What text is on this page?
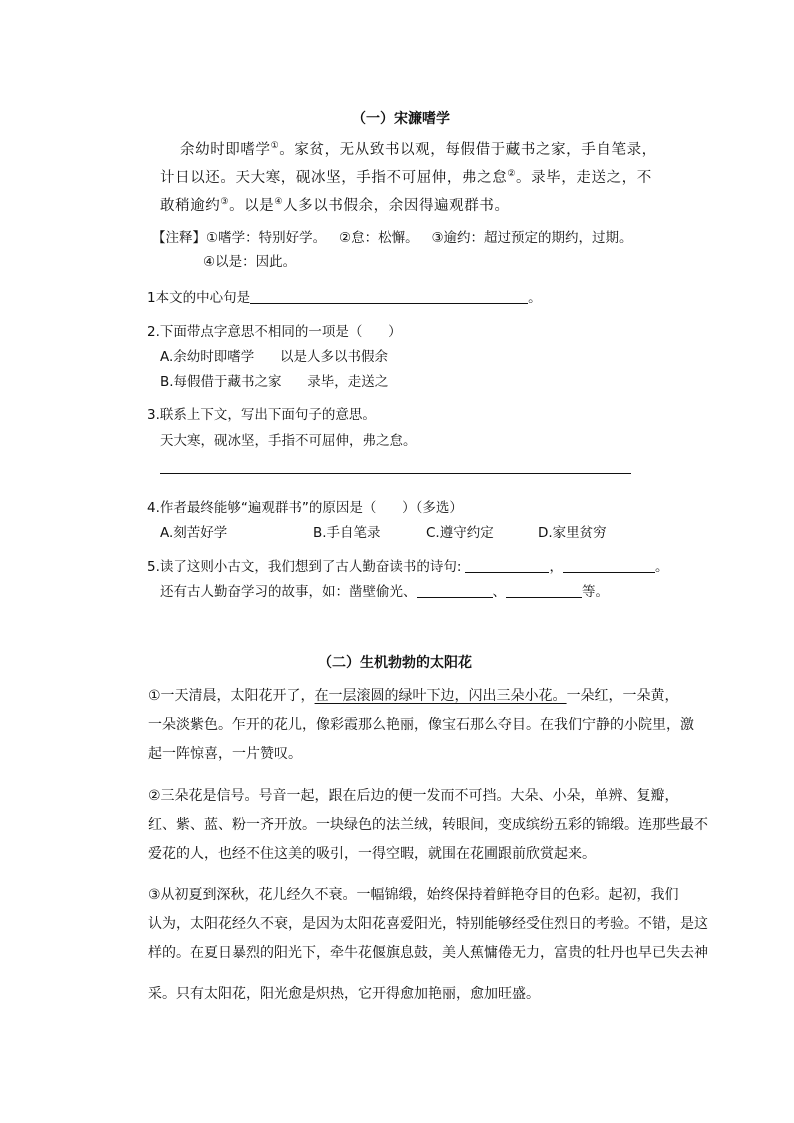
（一）宋濂嗜学
余幼时即嗜学①。家贫，无从致书以观，每假借于藏书之家，手自笔录，
计日以还。天大寒，砚冰坚，手指不可屈伸，弗之怠②。录毕，走送之，不
敢稍逾约③。以是④人多以书假余，余因得遍观群书。
【注释】①嗜学：特别好学。   ②怠：松懈。   ③逾约：超过预定的期约，过期。
④以是：因此。
1本文的中心句是	。
2.下面带点字意思不相同的一项是（      ）
A.余幼时即嗜学      以是人多以书假余
B.每假借于藏书之家      录毕，走送之
3.联系上下文，写出下面句子的意思。
天大寒，砚冰坚，手指不可屈伸，弗之怠。
4.作者最终能够“遍观群书”的原因是（      ）（多选）
A.刻苦好学	B.手自笔录	C.遵守约定	D.家里贫穷
5.读了这则小古文，我们想到了古人勤奋读书的诗句:	，	。
还有古人勤奋学习的故事，如：凿壁偷光、	、	等。
（二）生机勃勃的太阳花
①一天清晨，太阳花开了，在一层滚圆的绿叶下边，闪出三朵小花。一朵红，一朵黄，
一朵淡紫色。乍开的花儿，像彩霞那么艳丽，像宝石那么夺目。在我们宁静的小院里，激
起一阵惊喜，一片赞叹。
②三朵花是信号。号音一起，跟在后边的便一发而不可挡。大朵、小朵，单辨、复瓣，
红、紫、蓝、粉一齐开放。一块绿色的法兰绒，转眼间，变成缤纷五彩的锦缎。连那些最不
爱花的人，也经不住这美的吸引，一得空暇，就围在花圃跟前欣赏起来。
③从初夏到深秋，花儿经久不衰。一幅锦缎，始终保持着鲜艳夺目的色彩。起初，我们
认为，太阳花经久不衰，是因为太阳花喜爱阳光，特别能够经受住烈日的考验。不错，是这
样的。在夏日暴烈的阳光下，牵牛花偃旗息鼓，美人蕉慵倦无力，富贵的牡丹也早已失去神
采。只有太阳花，阳光愈是炽热，它开得愈加艳丽，愈加旺盛。
